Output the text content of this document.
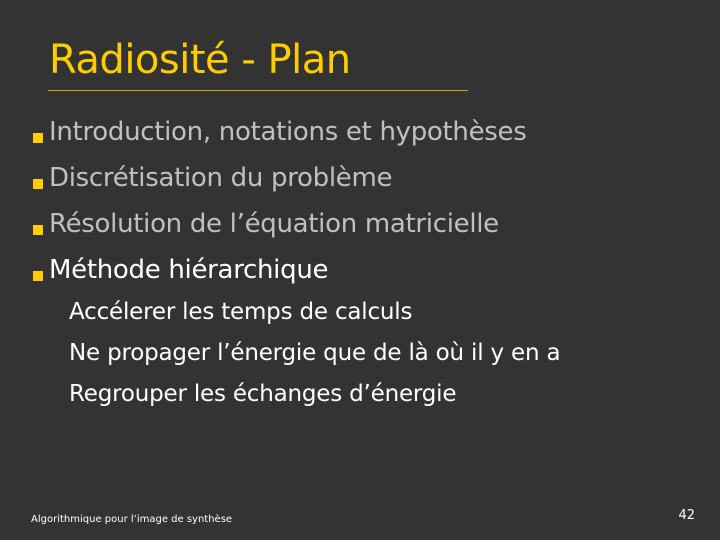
Radiosité - Plan
Introduction, notations et hypothèses
Discrétisation du problème
Résolution de l’équation matricielle
Méthode hiérarchique
Accélerer les temps de calculs
Ne propager l’énergie que de là où il y en a
Regrouper les échanges d’énergie
Algorithmique pour l’image de synthèse	42
